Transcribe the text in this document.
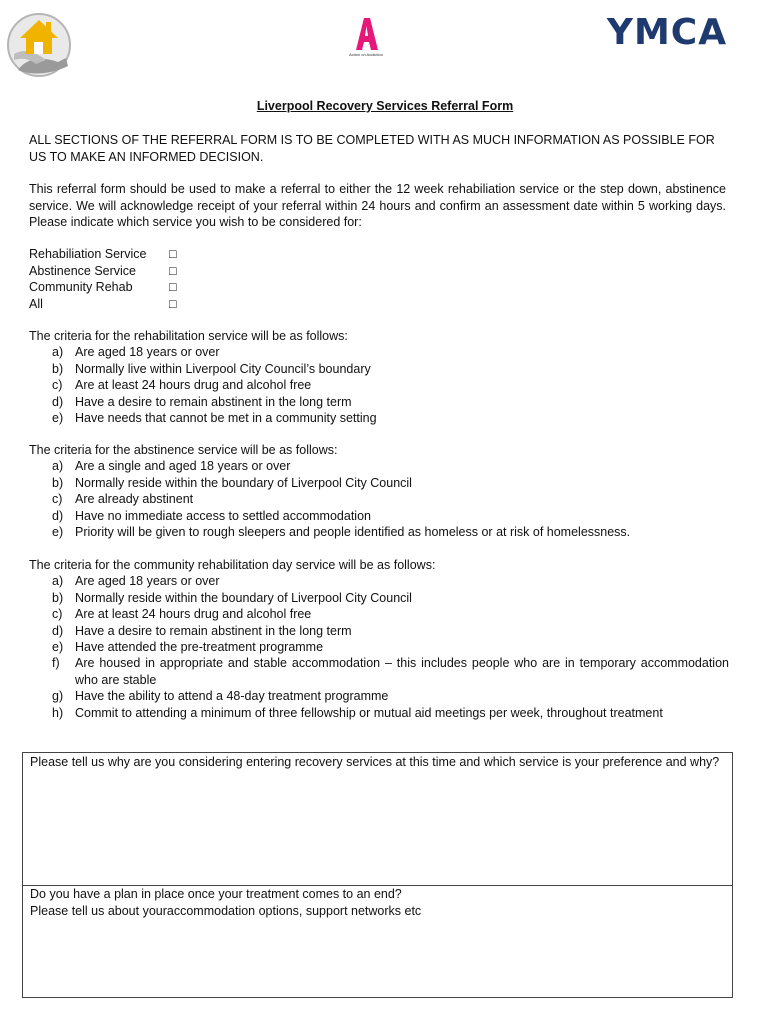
Action on Addiction
YMCA
Liverpool Recovery Services Referral Form

ALL SECTIONS OF THE REFERRAL FORM IS TO BE COMPLETED WITH AS MUCH INFORMATION AS POSSIBLE FOR US TO MAKE AN INFORMED DECISION.

This referral form should be used to make a referral to either the 12 week rehabiliation service or the step down, abstinence service. We will acknowledge receipt of your referral within 24 hours and confirm an assessment date within 5 working days. Please indicate which service you wish to be considered for:

Rehabiliation Service □
Abstinence Service	□
Community Rehab	□
All	□
The criteria for the rehabilitation service will be as follows:
a) Are aged 18 years or over
b) Normally live within Liverpool City Council’s boundary
c) Are at least 24 hours drug and alcohol free
d) Have a desire to remain abstinent in the long term
e) Have needs that cannot be met in a community setting
The criteria for the abstinence service will be as follows:
a) Are a single and aged 18 years or over
b) Normally reside within the boundary of Liverpool City Council
c) Are already abstinent
d) Have no immediate access to settled accommodation
e) Priority will be given to rough sleepers and people identified as homeless or at risk of homelessness.
The criteria for the community rehabilitation day service will be as follows:
a) Are aged 18 years or over
b) Normally reside within the boundary of Liverpool City Council
c) Are at least 24 hours drug and alcohol free
d) Have a desire to remain abstinent in the long term
e) Have attended the pre-treatment programme
f) Are housed in appropriate and stable accommodation – this includes people who are in temporary accommodation who are stable
g) Have the ability to attend a 48-day treatment programme
h) Commit to attending a minimum of three fellowship or mutual aid meetings per week, throughout treatment
Please tell us why are you considering entering recovery services at this time and which service is your preference and why?
Do you have a plan in place once your treatment comes to an end?
Please tell us about youraccommodation options, support networks etc
